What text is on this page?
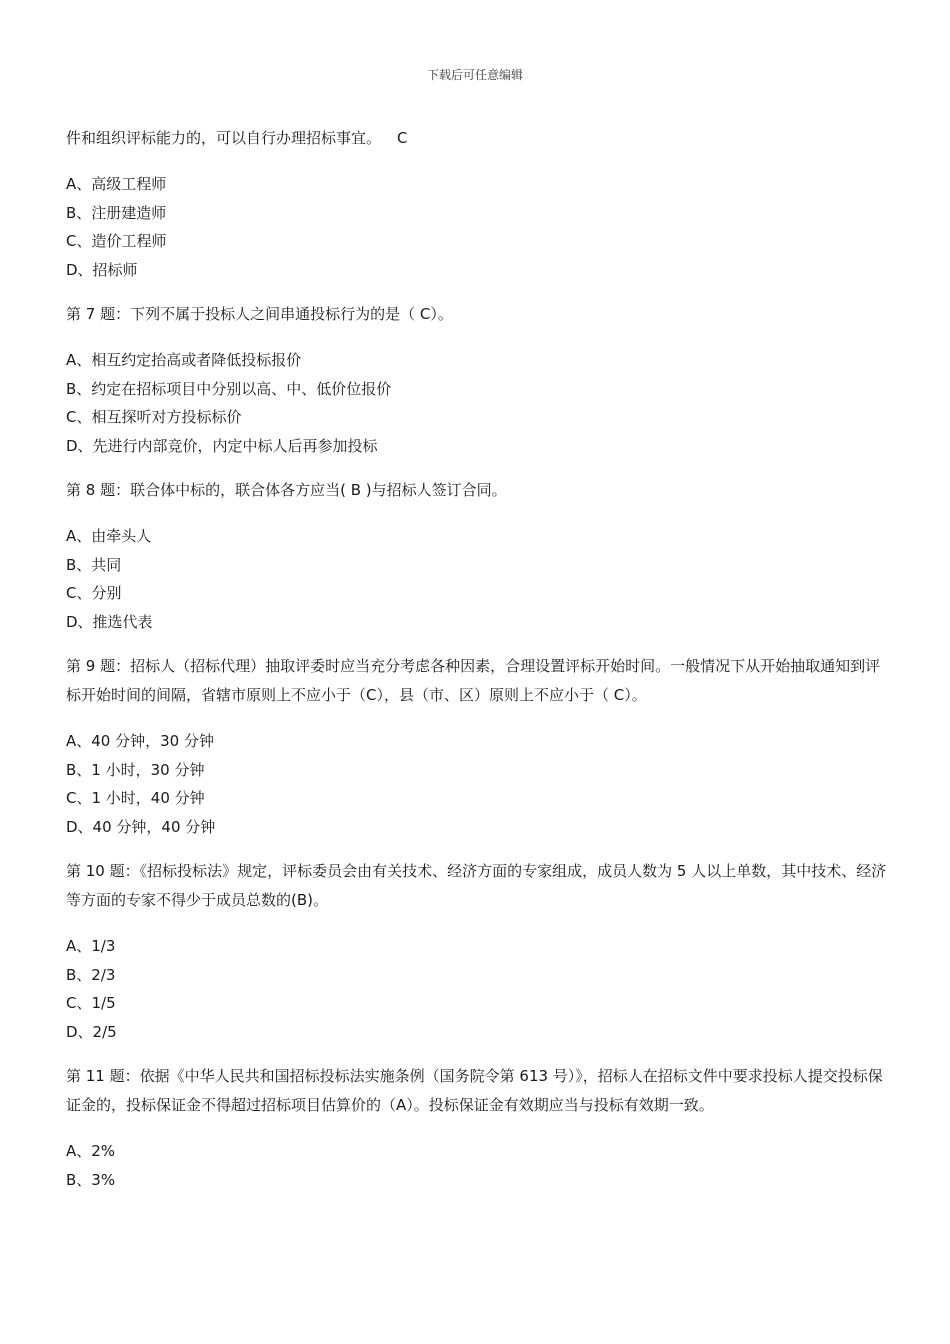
下载后可任意编辑

件和组织评标能力的，可以自行办理招标事宜。 C

A、高级工程师
B、注册建造师
C、造价工程师
D、招标师

第 7 题：下列不属于投标人之间串通投标行为的是（ C）。

A、相互约定抬高或者降低投标报价
B、约定在招标项目中分别以高、中、低价位报价
C、相互探听对方投标标价
D、先进行内部竞价，内定中标人后再参加投标

第 8 题：联合体中标的，联合体各方应当( B )与招标人签订合同。

A、由牵头人
B、共同
C、分别
D、推选代表

第 9 题：招标人（招标代理）抽取评委时应当充分考虑各种因素，合理设置评标开始时间。一般情况下从开始抽取通知到评标开始时间的间隔，省辖市原则上不应小于（C），县（市、区）原则上不应小于（ C）。

A、40 分钟，30 分钟
B、1 小时，30 分钟
C、1 小时，40 分钟
D、40 分钟，40 分钟

第 10 题：《招标投标法》规定，评标委员会由有关技术、经济方面的专家组成，成员人数为 5 人以上单数，其中技术、经济等方面的专家不得少于成员总数的(B)。

A、1/3
B、2/3
C、1/5
D、2/5

第 11 题：依据《中华人民共和国招标投标法实施条例（国务院令第 613 号）》，招标人在招标文件中要求投标人提交投标保证金的，投标保证金不得超过招标项目估算价的（A）。投标保证金有效期应当与投标有效期一致。

A、2%
B、3%
